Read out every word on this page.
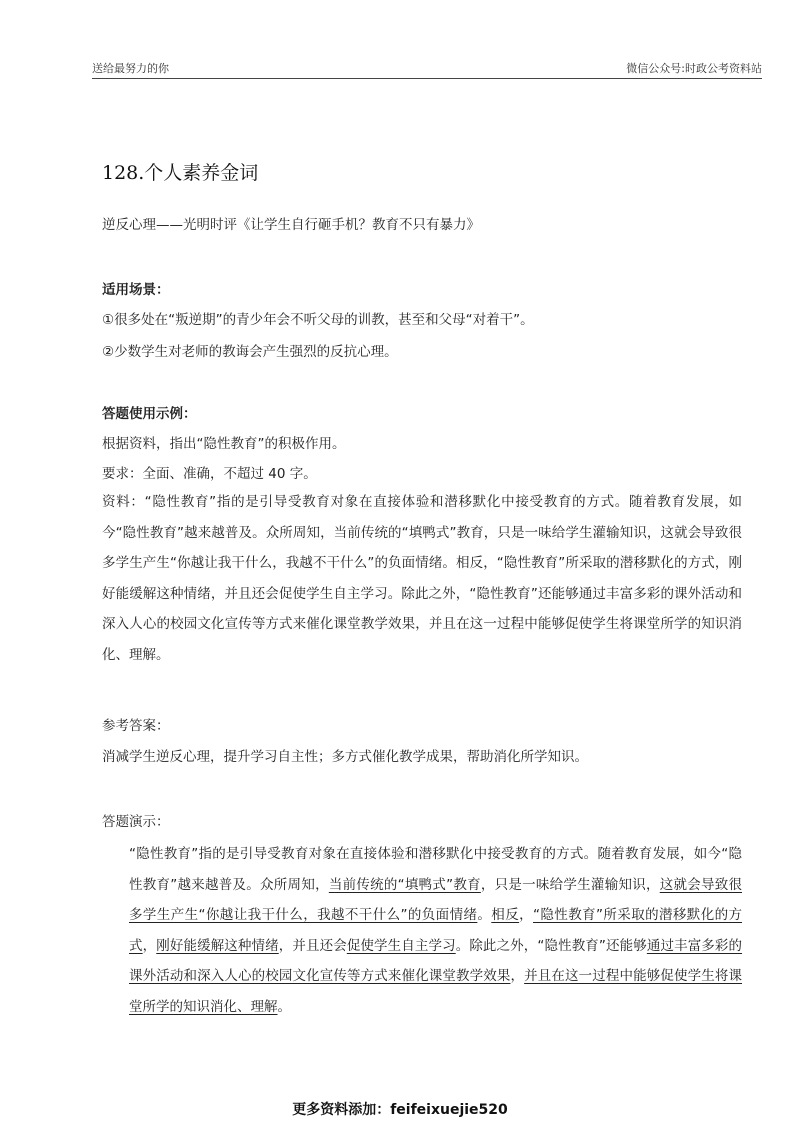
送给最努力的你	微信公众号:时政公考资料站
128.个人素养金词
逆反心理——光明时评《让学生自行砸手机？教育不只有暴力》
适用场景：
①很多处在“叛逆期”的青少年会不听父母的训教，甚至和父母“对着干”。
②少数学生对老师的教诲会产生强烈的反抗心理。
答题使用示例：
根据资料，指出“隐性教育”的积极作用。
要求：全面、准确，不超过 40 字。
资料：“隐性教育”指的是引导受教育对象在直接体验和潜移默化中接受教育的方式。随着教育发展，如今“隐性教育”越来越普及。众所周知，当前传统的“填鸭式”教育，只是一味给学生灌输知识，这就会导致很多学生产生“你越让我干什么，我越不干什么”的负面情绪。相反，“隐性教育”所采取的潜移默化的方式，刚好能缓解这种情绪，并且还会促使学生自主学习。除此之外，“隐性教育”还能够通过丰富多彩的课外活动和深入人心的校园文化宣传等方式来催化课堂教学效果，并且在这一过程中能够促使学生将课堂所学的知识消化、理解。
参考答案：
消减学生逆反心理，提升学习自主性；多方式催化教学成果，帮助消化所学知识。
答题演示：
“隐性教育”指的是引导受教育对象在直接体验和潜移默化中接受教育的方式。随着教育发展，如今“隐性教育”越来越普及。众所周知，当前传统的“填鸭式”教育，只是一味给学生灌输知识，这就会导致很多学生产生“你越让我干什么，我越不干什么”的负面情绪。相反，“隐性教育”所采取的潜移默化的方式，刚好能缓解这种情绪，并且还会促使学生自主学习。除此之外，“隐性教育”还能够通过丰富多彩的课外活动和深入人心的校园文化宣传等方式来催化课堂教学效果，并且在这一过程中能够促使学生将课堂所学的知识消化、理解。
更多资料添加：feifeixuejie520
